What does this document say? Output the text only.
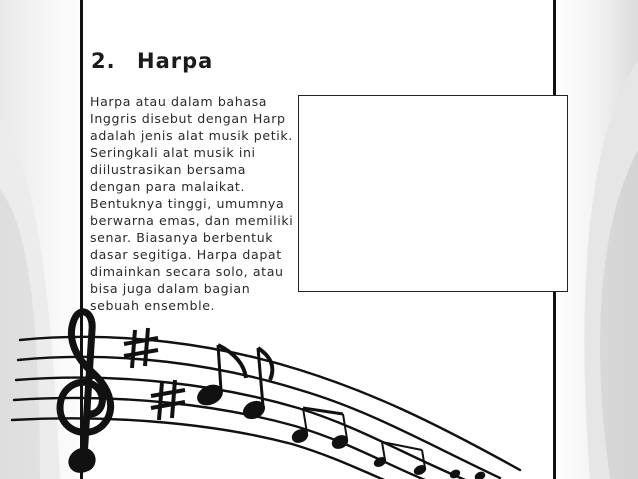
2. Harpa

Harpa atau dalam bahasa

Inggris disebut dengan Harp

adalah jenis alat musik petik.

Seringkali alat musik ini

diilustrasikan bersama

dengan para malaikat.

Bentuknya tinggi, umumnya

berwarna emas, dan memiliki

senar. Biasanya berbentuk

dasar segitiga. Harpa dapat

dimainkan secara solo, atau

bisa juga dalam bagian

sebuah ensemble.
